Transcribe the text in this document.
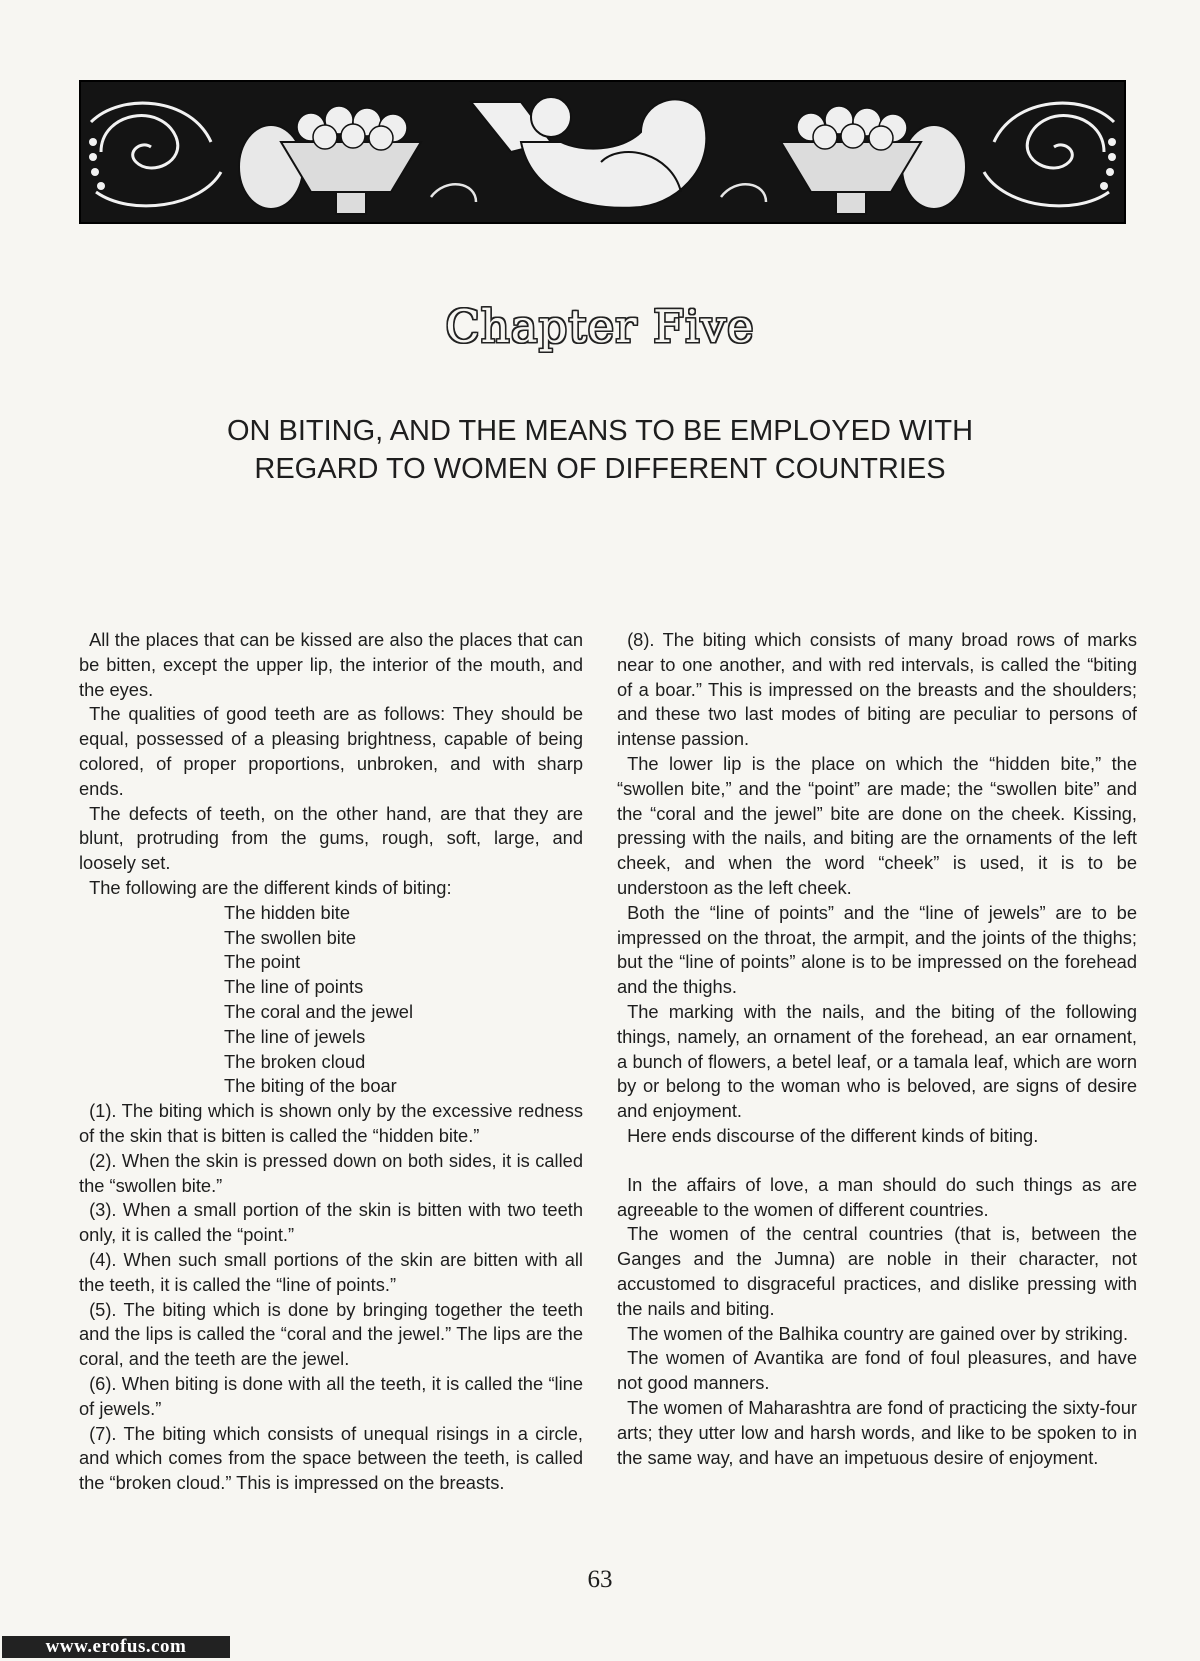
Chapter Five
ON BITING, AND THE MEANS TO BE EMPLOYED WITH
REGARD TO WOMEN OF DIFFERENT COUNTRIES

All the places that can be kissed are also the places that can be bitten, except the upper lip, the interior of the mouth, and the eyes.

The qualities of good teeth are as follows: They should be equal, possessed of a pleasing brightness, capable of being colored, of proper proportions, unbroken, and with sharp ends.

The defects of teeth, on the other hand, are that they are blunt, protruding from the gums, rough, soft, large, and loosely set.

The following are the different kinds of biting:

The hidden bite
The swollen bite
The point
The line of points
The coral and the jewel
The line of jewels
The broken cloud
The biting of the boar

(1). The biting which is shown only by the excessive redness of the skin that is bitten is called the “hidden bite.”

(2). When the skin is pressed down on both sides, it is called the “swollen bite.”

(3). When a small portion of the skin is bitten with two teeth only, it is called the “point.”

(4). When such small portions of the skin are bitten with all the teeth, it is called the “line of points.”

(5). The biting which is done by bringing together the teeth and the lips is called the “coral and the jewel.” The lips are the coral, and the teeth are the jewel.

(6). When biting is done with all the teeth, it is called the “line of jewels.”

(7). The biting which consists of unequal risings in a circle, and which comes from the space between the teeth, is called the “broken cloud.” This is impressed on the breasts.

(8). The biting which consists of many broad rows of marks near to one another, and with red intervals, is called the “biting of a boar.” This is impressed on the breasts and the shoulders; and these two last modes of biting are peculiar to persons of intense passion.

The lower lip is the place on which the “hidden bite,” the “swollen bite,” and the “point” are made; the “swollen bite” and the “coral and the jewel” bite are done on the cheek. Kissing, pressing with the nails, and biting are the ornaments of the left cheek, and when the word “cheek” is used, it is to be understoon as the left cheek.

Both the “line of points” and the “line of jewels” are to be impressed on the throat, the armpit, and the joints of the thighs; but the “line of points” alone is to be impressed on the forehead and the thighs.

The marking with the nails, and the biting of the following things, namely, an ornament of the forehead, an ear ornament, a bunch of flowers, a betel leaf, or a tamala leaf, which are worn by or belong to the woman who is beloved, are signs of desire and enjoyment.

Here ends discourse of the different kinds of biting.

In the affairs of love, a man should do such things as are agreeable to the women of different countries.

The women of the central countries (that is, between the Ganges and the Jumna) are noble in their character, not accustomed to disgraceful practices, and dislike pressing with the nails and biting.

The women of the Balhika country are gained over by striking.

The women of Avantika are fond of foul pleasures, and have not good manners.

The women of Maharashtra are fond of practicing the sixty-four arts; they utter low and harsh words, and like to be spoken to in the same way, and have an impetuous desire of enjoyment.

63
www.erofus.com
